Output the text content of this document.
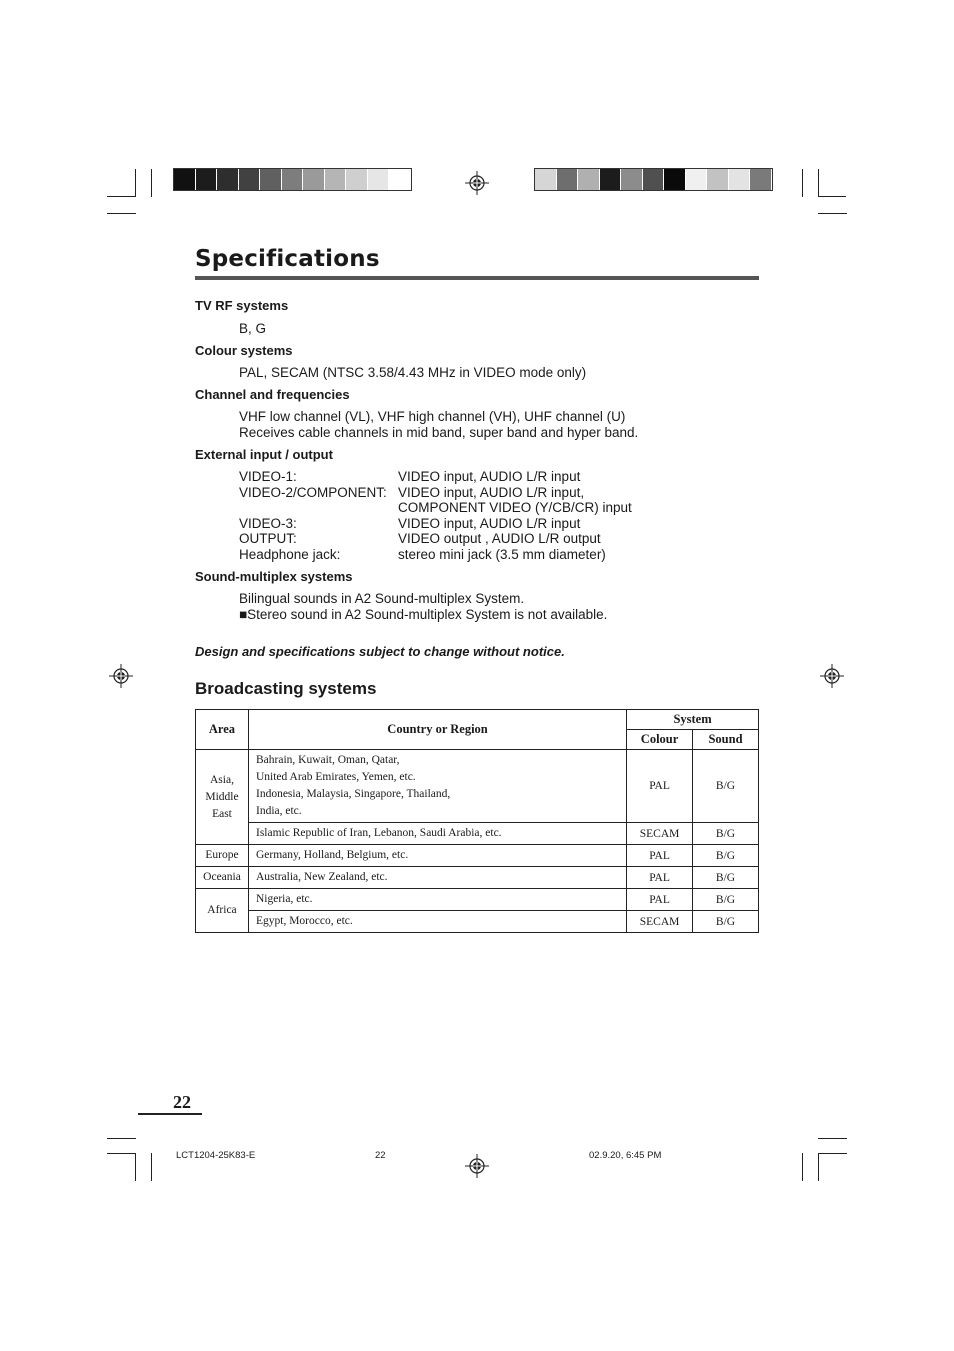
Specifications
TV RF systems
B, G
Colour systems
PAL, SECAM (NTSC 3.58/4.43 MHz in VIDEO mode only)
Channel and frequencies
VHF low channel (VL), VHF high channel (VH), UHF channel (U)
Receives cable channels in mid band, super band and hyper band.
External input / output
VIDEO-1:	VIDEO input, AUDIO L/R input
VIDEO-2/COMPONENT: VIDEO input, AUDIO L/R input,
COMPONENT VIDEO (Y/CB/CR) input
VIDEO-3:	VIDEO input, AUDIO L/R input
OUTPUT:	VIDEO output , AUDIO L/R output
Headphone jack:	stereo mini jack (3.5 mm diameter)
Sound-multiplex systems
Bilingual sounds in A2 Sound-multiplex System.
■Stereo sound in A2 Sound-multiplex System is not available.
Design and specifications subject to change without notice.
Broadcasting systems
Area	Country or Region	System	
		Colour	Sound
Asia,
Middle
East	Bahrain, Kuwait, Oman, Qatar,
United Arab Emirates, Yemen, etc.
Indonesia, Malaysia, Singapore, Thailand,
India, etc.	PAL	B/G
	Islamic Republic of Iran, Lebanon, Saudi Arabia, etc.	SECAM	B/G
Europe	Germany, Holland, Belgium, etc.	PAL	B/G
Oceania	Australia, New Zealand, etc.	PAL	B/G
Africa	Nigeria, etc.	PAL	B/G
	Egypt, Morocco, etc.	SECAM	B/G
22
LCT1204-25K83-E	22	02.9.20, 6:45 PM
